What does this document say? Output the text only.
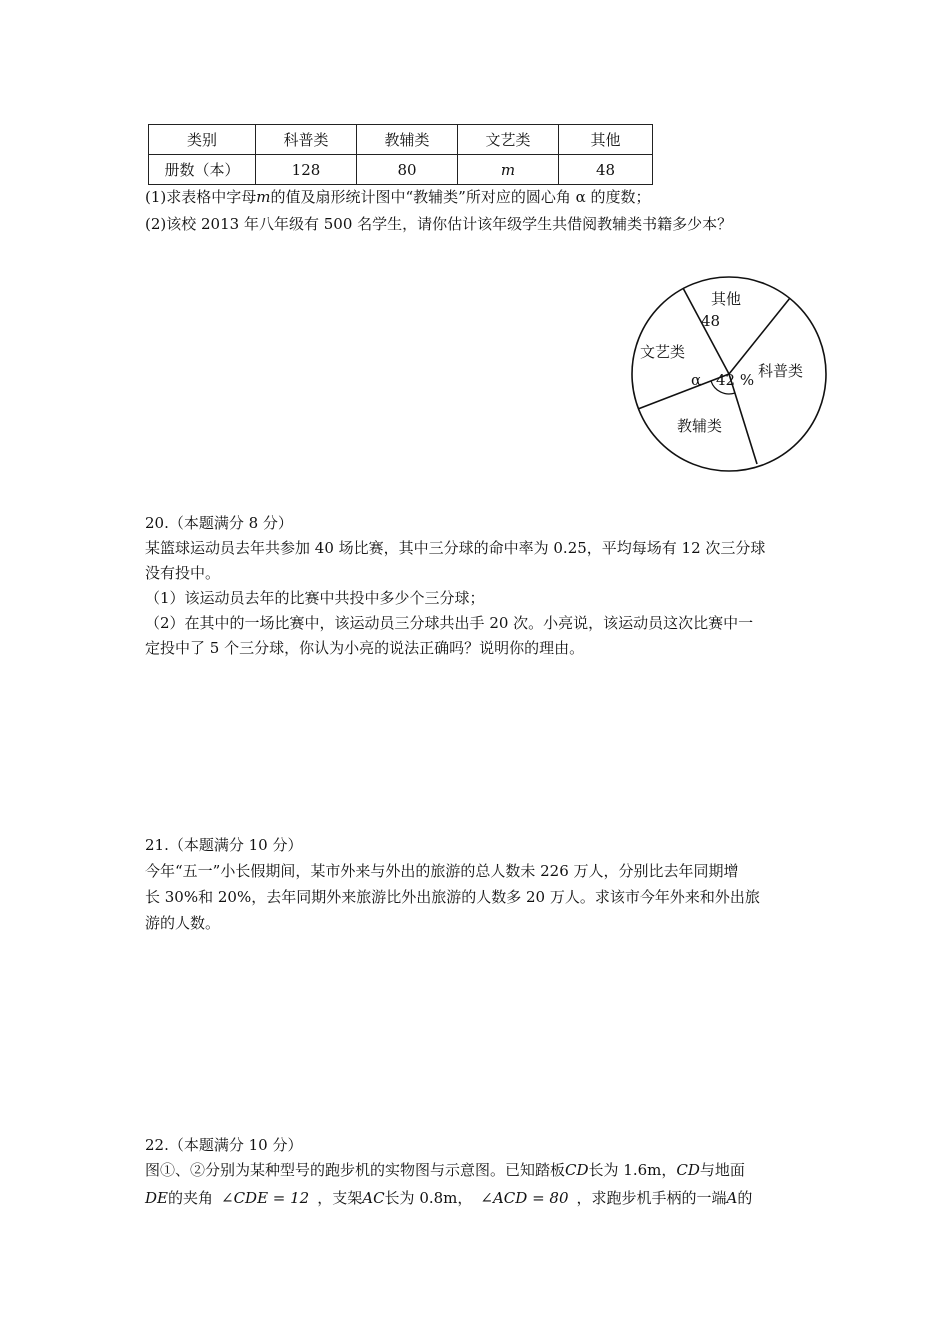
类别	科普类	教辅类	文艺类	其他
册数（本）	128	80	m	48
(1)求表格中字母m的值及扇形统计图中“教辅类”所对应的圆心角 α 的度数；
(2)该校 2013 年八年级有 500 名学生，请你估计该年级学生共借阅教辅类书籍多少本？
其他
48
文艺类
科普类
教辅类
α 42 %
20.（本题满分 8 分）
某篮球运动员去年共参加 40 场比赛，其中三分球的命中率为 0.25，平均每场有 12 次三分球
没有投中。
（1）该运动员去年的比赛中共投中多少个三分球；
（2）在其中的一场比赛中，该运动员三分球共出手 20 次。小亮说，该运动员这次比赛中一
定投中了 5 个三分球，你认为小亮的说法正确吗？说明你的理由。
21.（本题满分 10 分）
今年“五一”小长假期间，某市外来与外出的旅游的总人数未 226 万人，分别比去年同期增
长 30%和 20%，去年同期外来旅游比外出旅游的人数多 20 万人。求该市今年外来和外出旅
游的人数。
22.（本题满分 10 分）
图①、②分别为某种型号的跑步机的实物图与示意图。已知踏板CD长为 1.6m，CD与地面
DE的夹角 ∠CDE = 12 ，支架AC长为 0.8m， ∠ACD = 80 ，求跑步机手柄的一端A的
